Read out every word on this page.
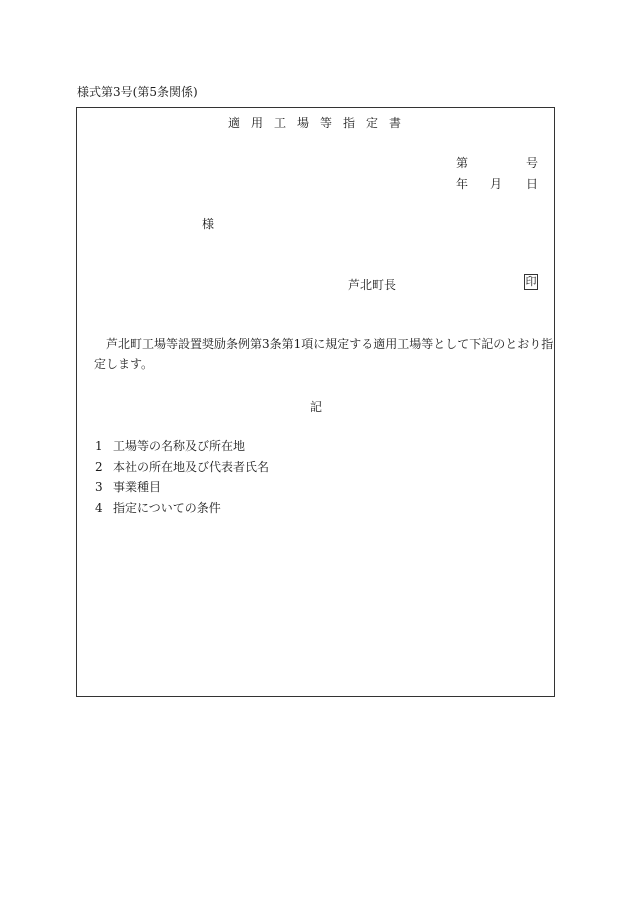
様式第3号(第5条関係)
適用工場等指定書
第	号
年 月 日
様
芦北町長	印
芦北町工場等設置奨励条例第3条第1項に規定する適用工場等として下記のとおり指定します。
記
1 工場等の名称及び所在地
2 本社の所在地及び代表者氏名
3 事業種目
4 指定についての条件
